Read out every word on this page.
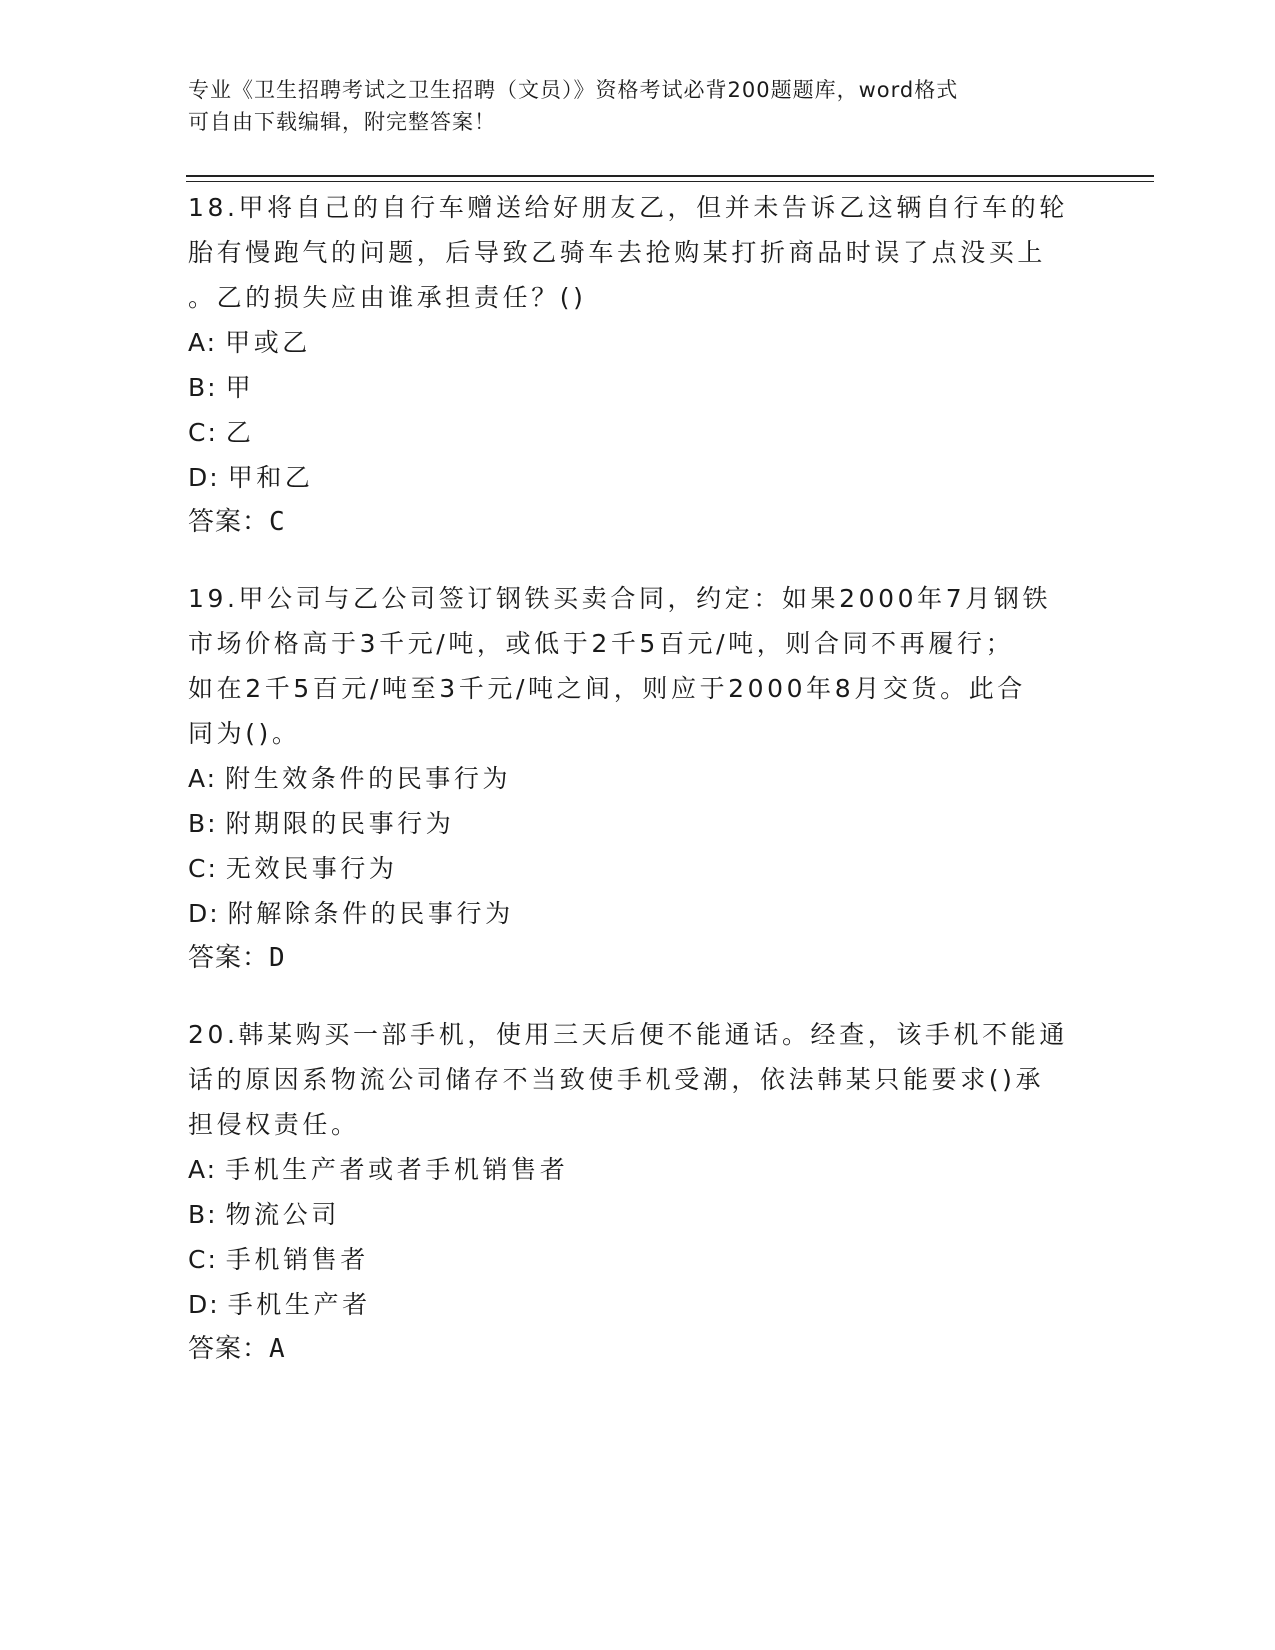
专业《卫生招聘考试之卫生招聘（文员）》资格考试必背200题题库，word格式
可自由下载编辑，附完整答案！
18.甲将自己的自行车赠送给好朋友乙，但并未告诉乙这辆自行车的轮
胎有慢跑气的问题，后导致乙骑车去抢购某打折商品时误了点没买上
。乙的损失应由谁承担责任？()
A: 甲或乙
B: 甲
C: 乙
D: 甲和乙
答案：C
19.甲公司与乙公司签订钢铁买卖合同，约定：如果2000年7月钢铁
市场价格高于3千元/吨，或低于2千5百元/吨，则合同不再履行；
如在2千5百元/吨至3千元/吨之间，则应于2000年8月交货。此合
同为()。
A: 附生效条件的民事行为
B: 附期限的民事行为
C: 无效民事行为
D: 附解除条件的民事行为
答案：D
20.韩某购买一部手机，使用三天后便不能通话。经查，该手机不能通
话的原因系物流公司储存不当致使手机受潮，依法韩某只能要求()承
担侵权责任。
A: 手机生产者或者手机销售者
B: 物流公司
C: 手机销售者
D: 手机生产者
答案：A
